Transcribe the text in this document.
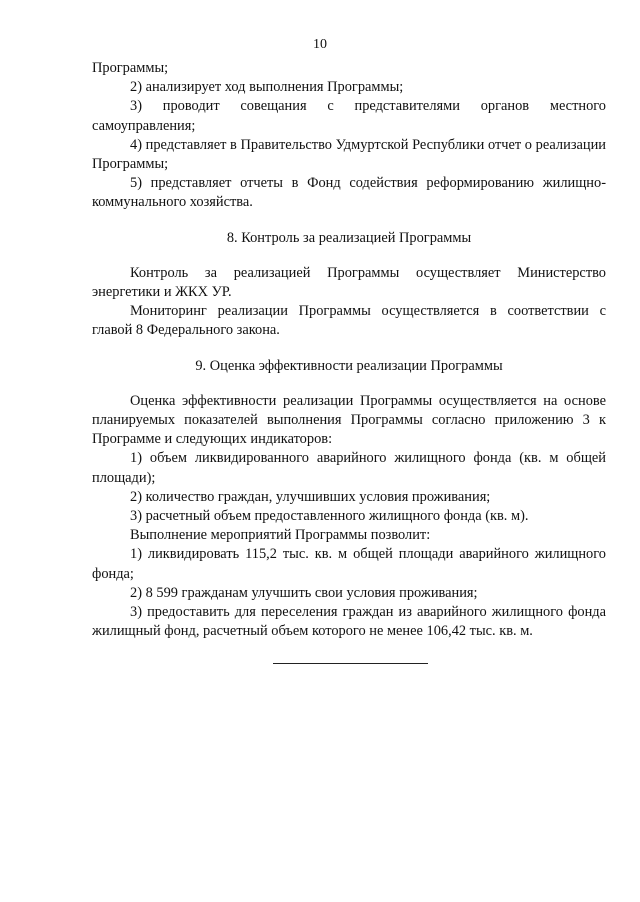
10

Программы;

2) анализирует ход выполнения Программы;

3) проводит совещания с представителями органов местного самоуправления;

4) представляет в Правительство Удмуртской Республики отчет о реализации Программы;

5) представляет отчеты в Фонд содействия реформированию жилищно-коммунального хозяйства.

8. Контроль за реализацией Программы

Контроль за реализацией Программы осуществляет Министерство энергетики и ЖКХ УР.

Мониторинг реализации Программы осуществляется в соответствии с главой 8 Федерального закона.

9. Оценка эффективности реализации Программы

Оценка эффективности реализации Программы осуществляется на основе планируемых показателей выполнения Программы согласно приложению 3 к Программе и следующих индикаторов:

1) объем ликвидированного аварийного жилищного фонда (кв. м общей площади);

2) количество граждан, улучшивших условия проживания;

3) расчетный объем предоставленного жилищного фонда (кв. м).

Выполнение мероприятий Программы позволит:

1) ликвидировать 115,2 тыс. кв. м общей площади аварийного жилищного фонда;

2) 8 599 гражданам улучшить свои условия проживания;

3) предоставить для переселения граждан из аварийного жилищного фонда жилищный фонд, расчетный объем которого не менее 106,42 тыс. кв. м.
